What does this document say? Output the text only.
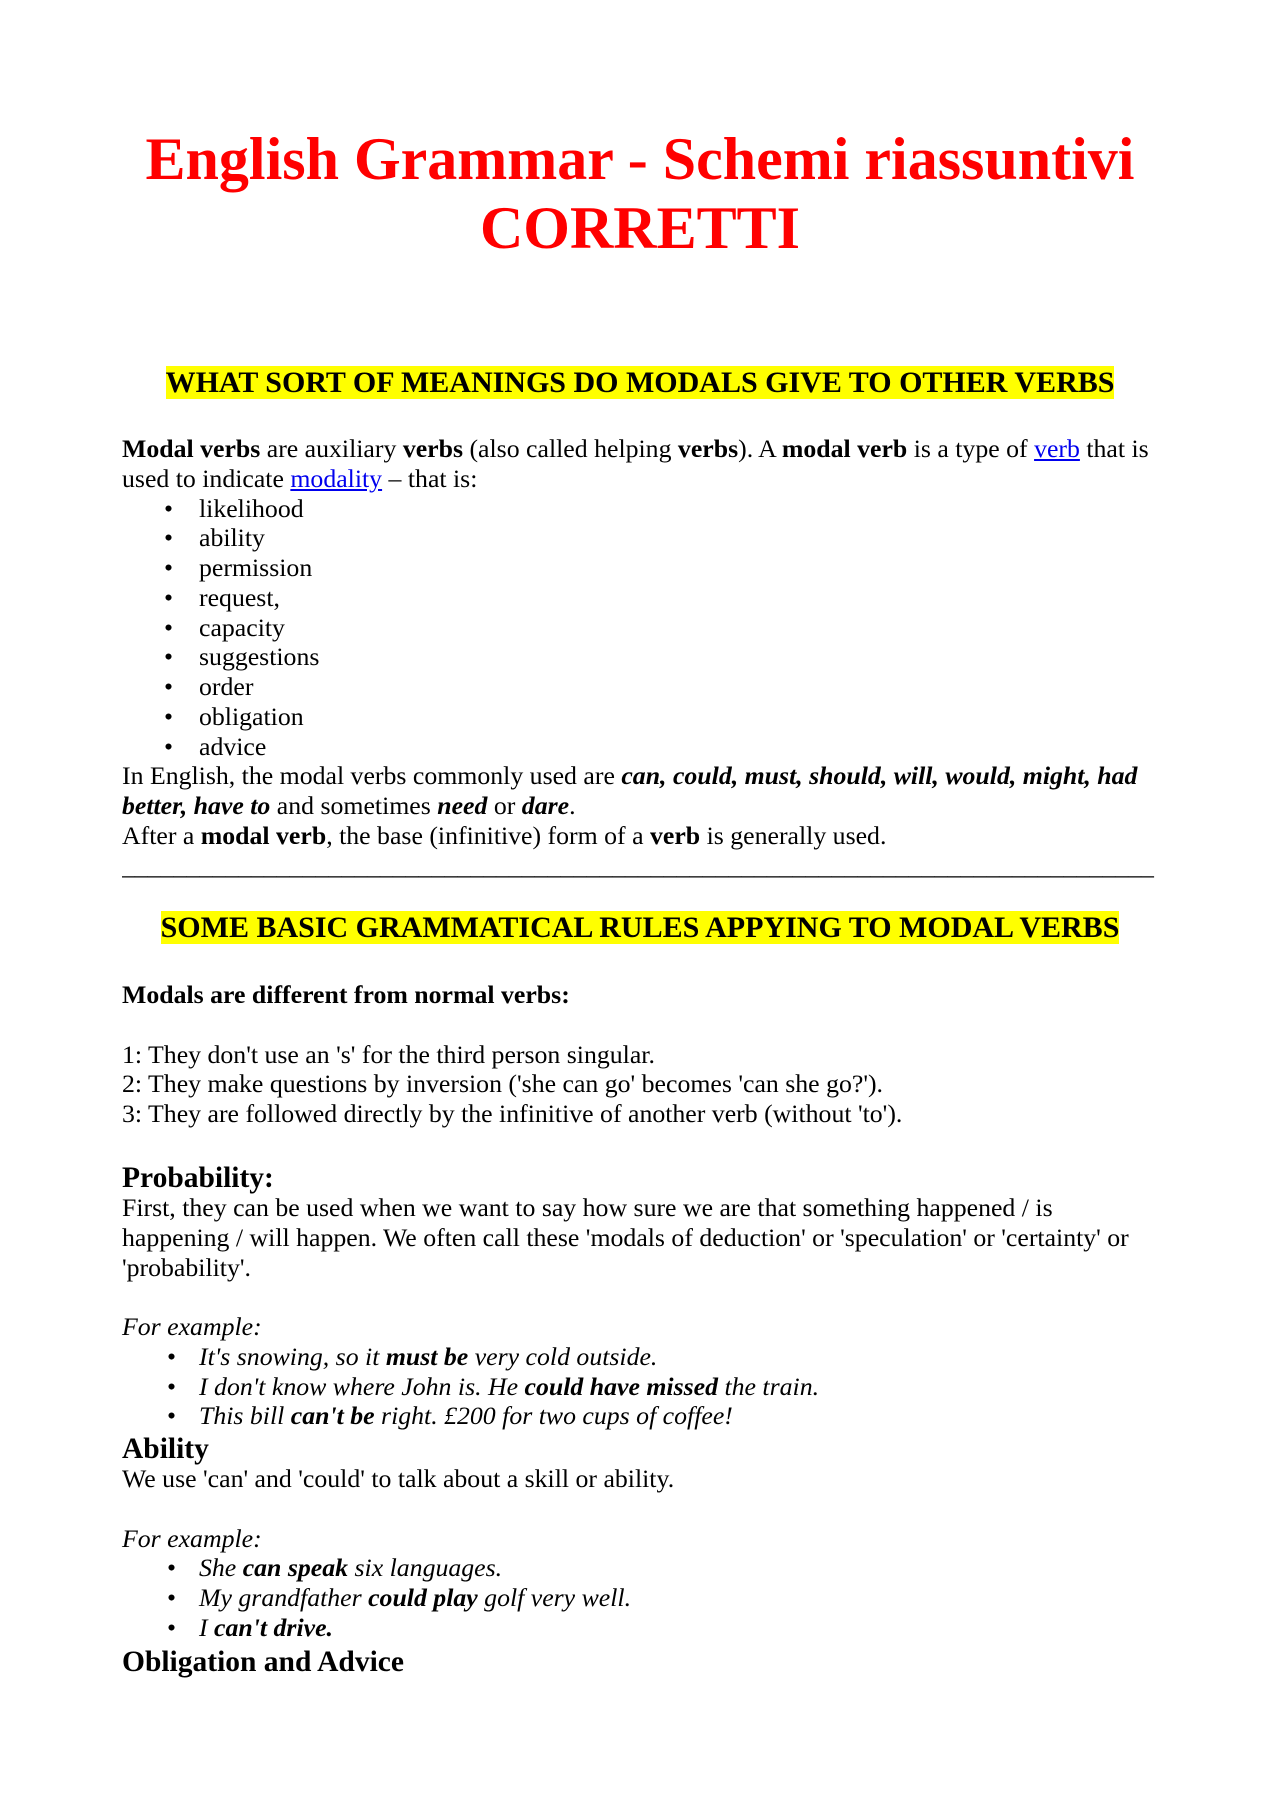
English Grammar - Schemi riassuntivi
CORRETTI
WHAT SORT OF MEANINGS DO MODALS GIVE TO OTHER VERBS
Modal verbs are auxiliary verbs (also called helping verbs ). A modal verb is a type of verb that is
used to indicate modality – that is:
• likelihood
• ability
• permission
• request,
• capacity
• suggestions
• order
• obligation
• advice
In English, the modal verbs commonly used are can, could, must, should, will, would, might, had
better, have to and sometimes need or dare .
After a modal verb , the base (infinitive) form of a verb is generally used.
________________________________________________________________________________
SOME BASIC GRAMMATICAL RULES APPYING TO MODAL VERBS
Modals are different from normal verbs:
1: They don't use an 's' for the third person singular.
2: They make questions by inversion ('she can go' becomes 'can she go?').
3: They are followed directly by the infinitive of another verb (without 'to').
Probability:
First, they can be used when we want to say how sure we are that something happened / is
happening / will happen. We often call these 'modals of deduction' or 'speculation' or 'certainty' or
'probability'.
For example:
• It's snowing, so it must be very cold outside.
• I don't know where John is. He could have missed the train.
• This bill can't be right. £200 for two cups of coffee!
Ability
We use 'can' and 'could' to talk about a skill or ability.
For example:
• She can speak six languages.
• My grandfather could play golf very well.
• I can't drive.
Obligation and Advice
